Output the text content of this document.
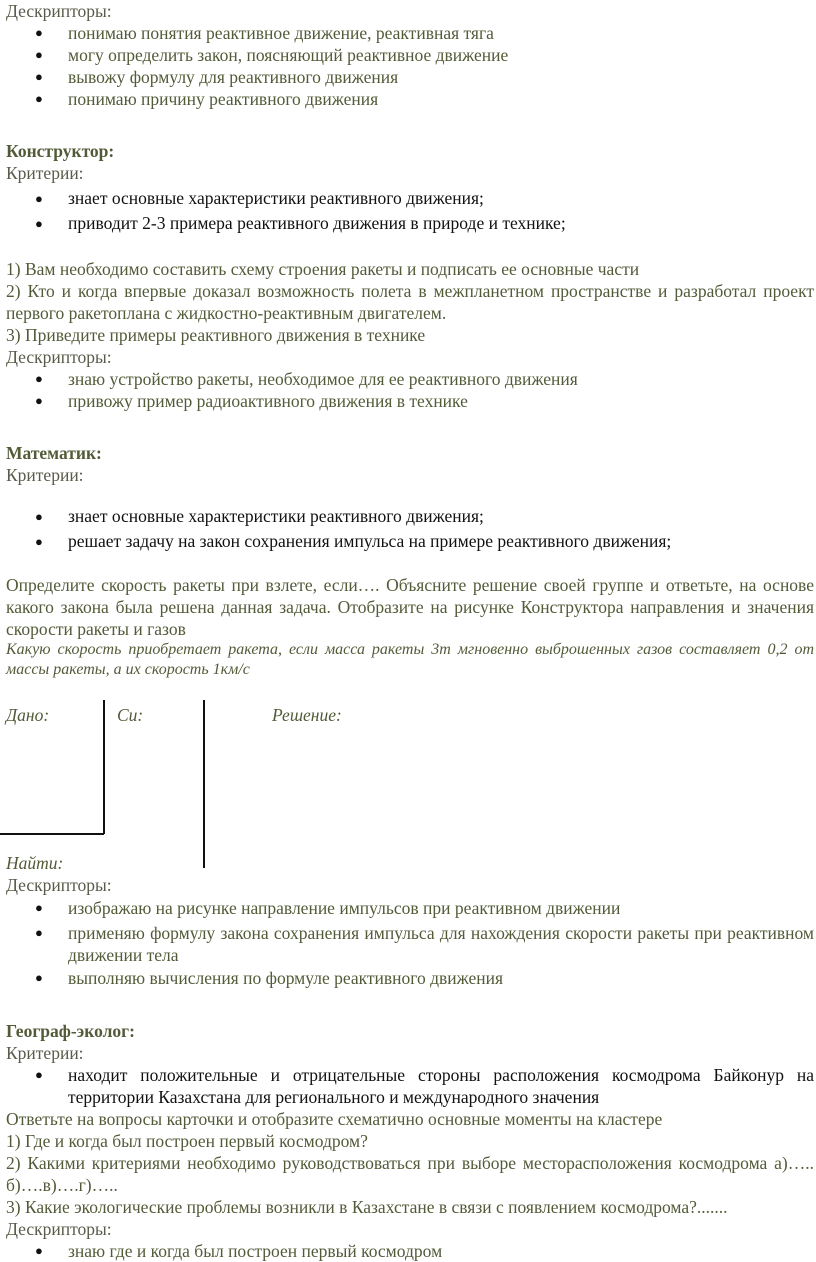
Дескрипторы:

● понимаю понятия реактивное движение, реактивная тяга
● могу определить закон, поясняющий реактивное движение
● вывожу формулу для реактивного движения
● понимаю причину реактивного движения

Конструктор:

Критерии:

● знает основные характеристики реактивного движения;
● приводит 2-3 примера реактивного движения в природе и технике;

1) Вам необходимо составить схему строения ракеты и подписать ее основные части

2) Кто и когда впервые доказал возможность полета в межпланетном пространстве и разработал проект первого ракетоплана с жидкостно-реактивным двигателем.

3) Приведите примеры реактивного движения в технике

Дескрипторы:

● знаю устройство ракеты, необходимое для ее реактивного движения
● привожу пример радиоактивного движения в технике

Математик:

Критерии:

● знает основные характеристики реактивного движения;
● решает задачу на закон сохранения импульса на примере реактивного движения;

Определите скорость ракеты при взлете, если…. Объясните решение своей группе и ответьте, на основе какого закона была решена данная задача. Отобразите на рисунке Конструктора направления и значения скорости ракеты и газов

Какую скорость приобретает ракета, если масса ракеты 3т мгновенно выброшенных газов составляет 0,2 от массы ракеты, а их скорость 1км/с

Дано:	Си:	Решение:
Найти:

Дескрипторы:

● изображаю на рисунке направление импульсов при реактивном движении
● применяю формулу закона сохранения импульса для нахождения скорости ракеты при реактивном движении тела
● выполняю вычисления по формуле реактивного движения

Географ-эколог:

Критерии:

● находит положительные и отрицательные стороны расположения космодрома Байконур на территории Казахстана для регионального и международного значения

Ответьте на вопросы карточки и отобразите схематично основные моменты на кластере

1) Где и когда был построен первый космодром?

2) Какими критериями необходимо руководствоваться при выборе месторасположения космодрома а)….. б)….в)….г)…..

3) Какие экологические проблемы возникли в Казахстане в связи с появлением космодрома?.......

Дескрипторы:

● знаю где и когда был построен первый космодром
